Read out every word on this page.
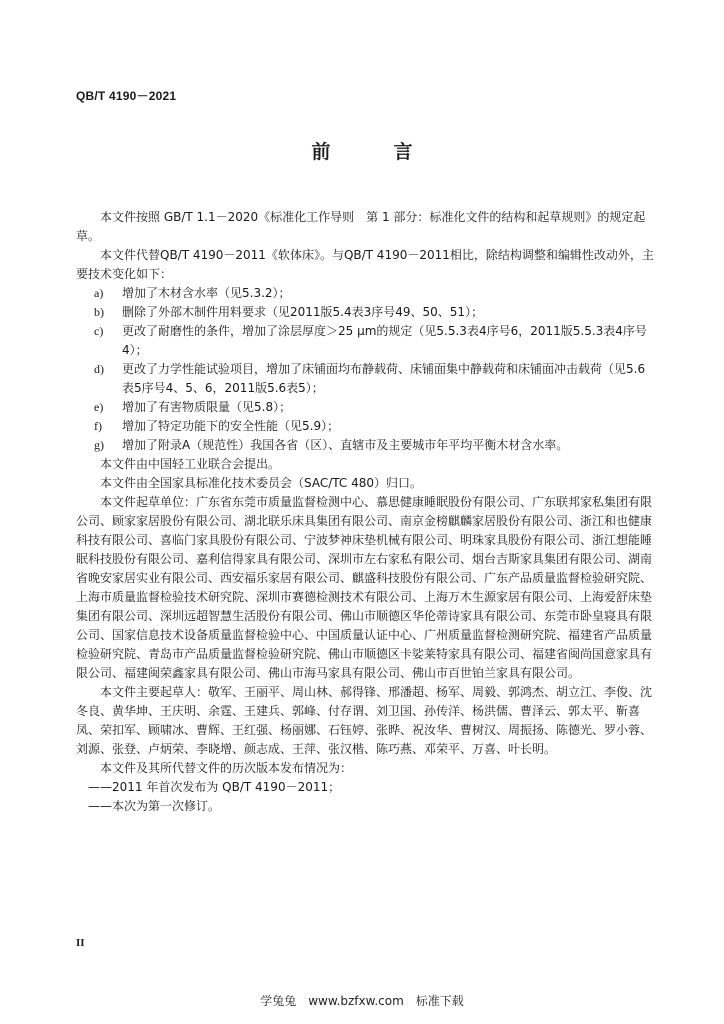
QB/T 4190－2021
前　言

本文件按照 GB/T 1.1－2020《标准化工作导则　第 1 部分：标准化文件的结构和起草规则》的规定起草。

本文件代替QB/T 4190－2011《软体床》。与QB/T 4190－2011相比，除结构调整和编辑性改动外，主要技术变化如下：

a)	增加了木材含水率（见5.3.2）；
b)	删除了外部木制件用料要求（见2011版5.4表3序号49、50、51）；
c)	更改了耐磨性的条件，增加了涂层厚度＞25 μm的规定（见5.5.3表4序号6，2011版5.5.3表4序号4）；
d)	更改了力学性能试验项目，增加了床铺面均布静载荷、床铺面集中静载荷和床铺面冲击载荷（见5.6表5序号4、5、6，2011版5.6表5）；
e)	增加了有害物质限量（见5.8）；
f)	增加了特定功能下的安全性能（见5.9）；
g)	增加了附录A（规范性）我国各省（区）、直辖市及主要城市年平均平衡木材含水率。

本文件由中国轻工业联合会提出。

本文件由全国家具标准化技术委员会（SAC/TC 480）归口。

本文件起草单位：广东省东莞市质量监督检测中心、慕思健康睡眠股份有限公司、广东联邦家私集团有限公司、顾家家居股份有限公司、湖北联乐床具集团有限公司、南京金榜麒麟家居股份有限公司、浙江和也健康科技有限公司、喜临门家具股份有限公司、宁波梦神床垫机械有限公司、明珠家具股份有限公司、浙江想能睡眠科技股份有限公司、嘉利信得家具有限公司、深圳市左右家私有限公司、烟台吉斯家具集团有限公司、湖南省晚安家居实业有限公司、西安福乐家居有限公司、麒盛科技股份有限公司、广东产品质量监督检验研究院、上海市质量监督检验技术研究院、深圳市赛德检测技术有限公司、上海万木生源家居有限公司、上海爱舒床垫集团有限公司、深圳远超智慧生活股份有限公司、佛山市顺德区华伦蒂诗家具有限公司、东莞市卧皇寝具有限公司、国家信息技术设备质量监督检验中心、中国质量认证中心、广州质量监督检测研究院、福建省产品质量检验研究院、青岛市产品质量监督检验研究院、佛山市顺德区卡娑莱特家具有限公司、福建省闽尚国意家具有限公司、福建闽荣鑫家具有限公司、佛山市海马家具有限公司、佛山市百世铂兰家具有限公司。

本文件主要起草人：敬军、王丽平、周山林、郝得锋、邢潘超、杨军、周毅、郭鸿杰、胡立江、李俊、沈冬良、黄华坤、王庆明、余霆、王建兵、郭峰、付存谓、刘卫国、孙传洋、杨洪儒、曹泽云、郭太平、靳喜凤、荣扣军、顾啸冰、曹辉、王红强、杨丽娜、石钰婷、张晔、祝汝华、曹树汉、周振扬、陈德光、罗小蓉、刘源、张登、卢炳荣、李晓增、颜志成、王萍、张汉楷、陈巧燕、邓荣平、万喜、叶长明。

本文件及其所代替文件的历次版本发布情况为：

——2011 年首次发布为 QB/T 4190－2011；

——本次为第一次修订。

II
学兔兔　www.bzfxw.com　标准下载
